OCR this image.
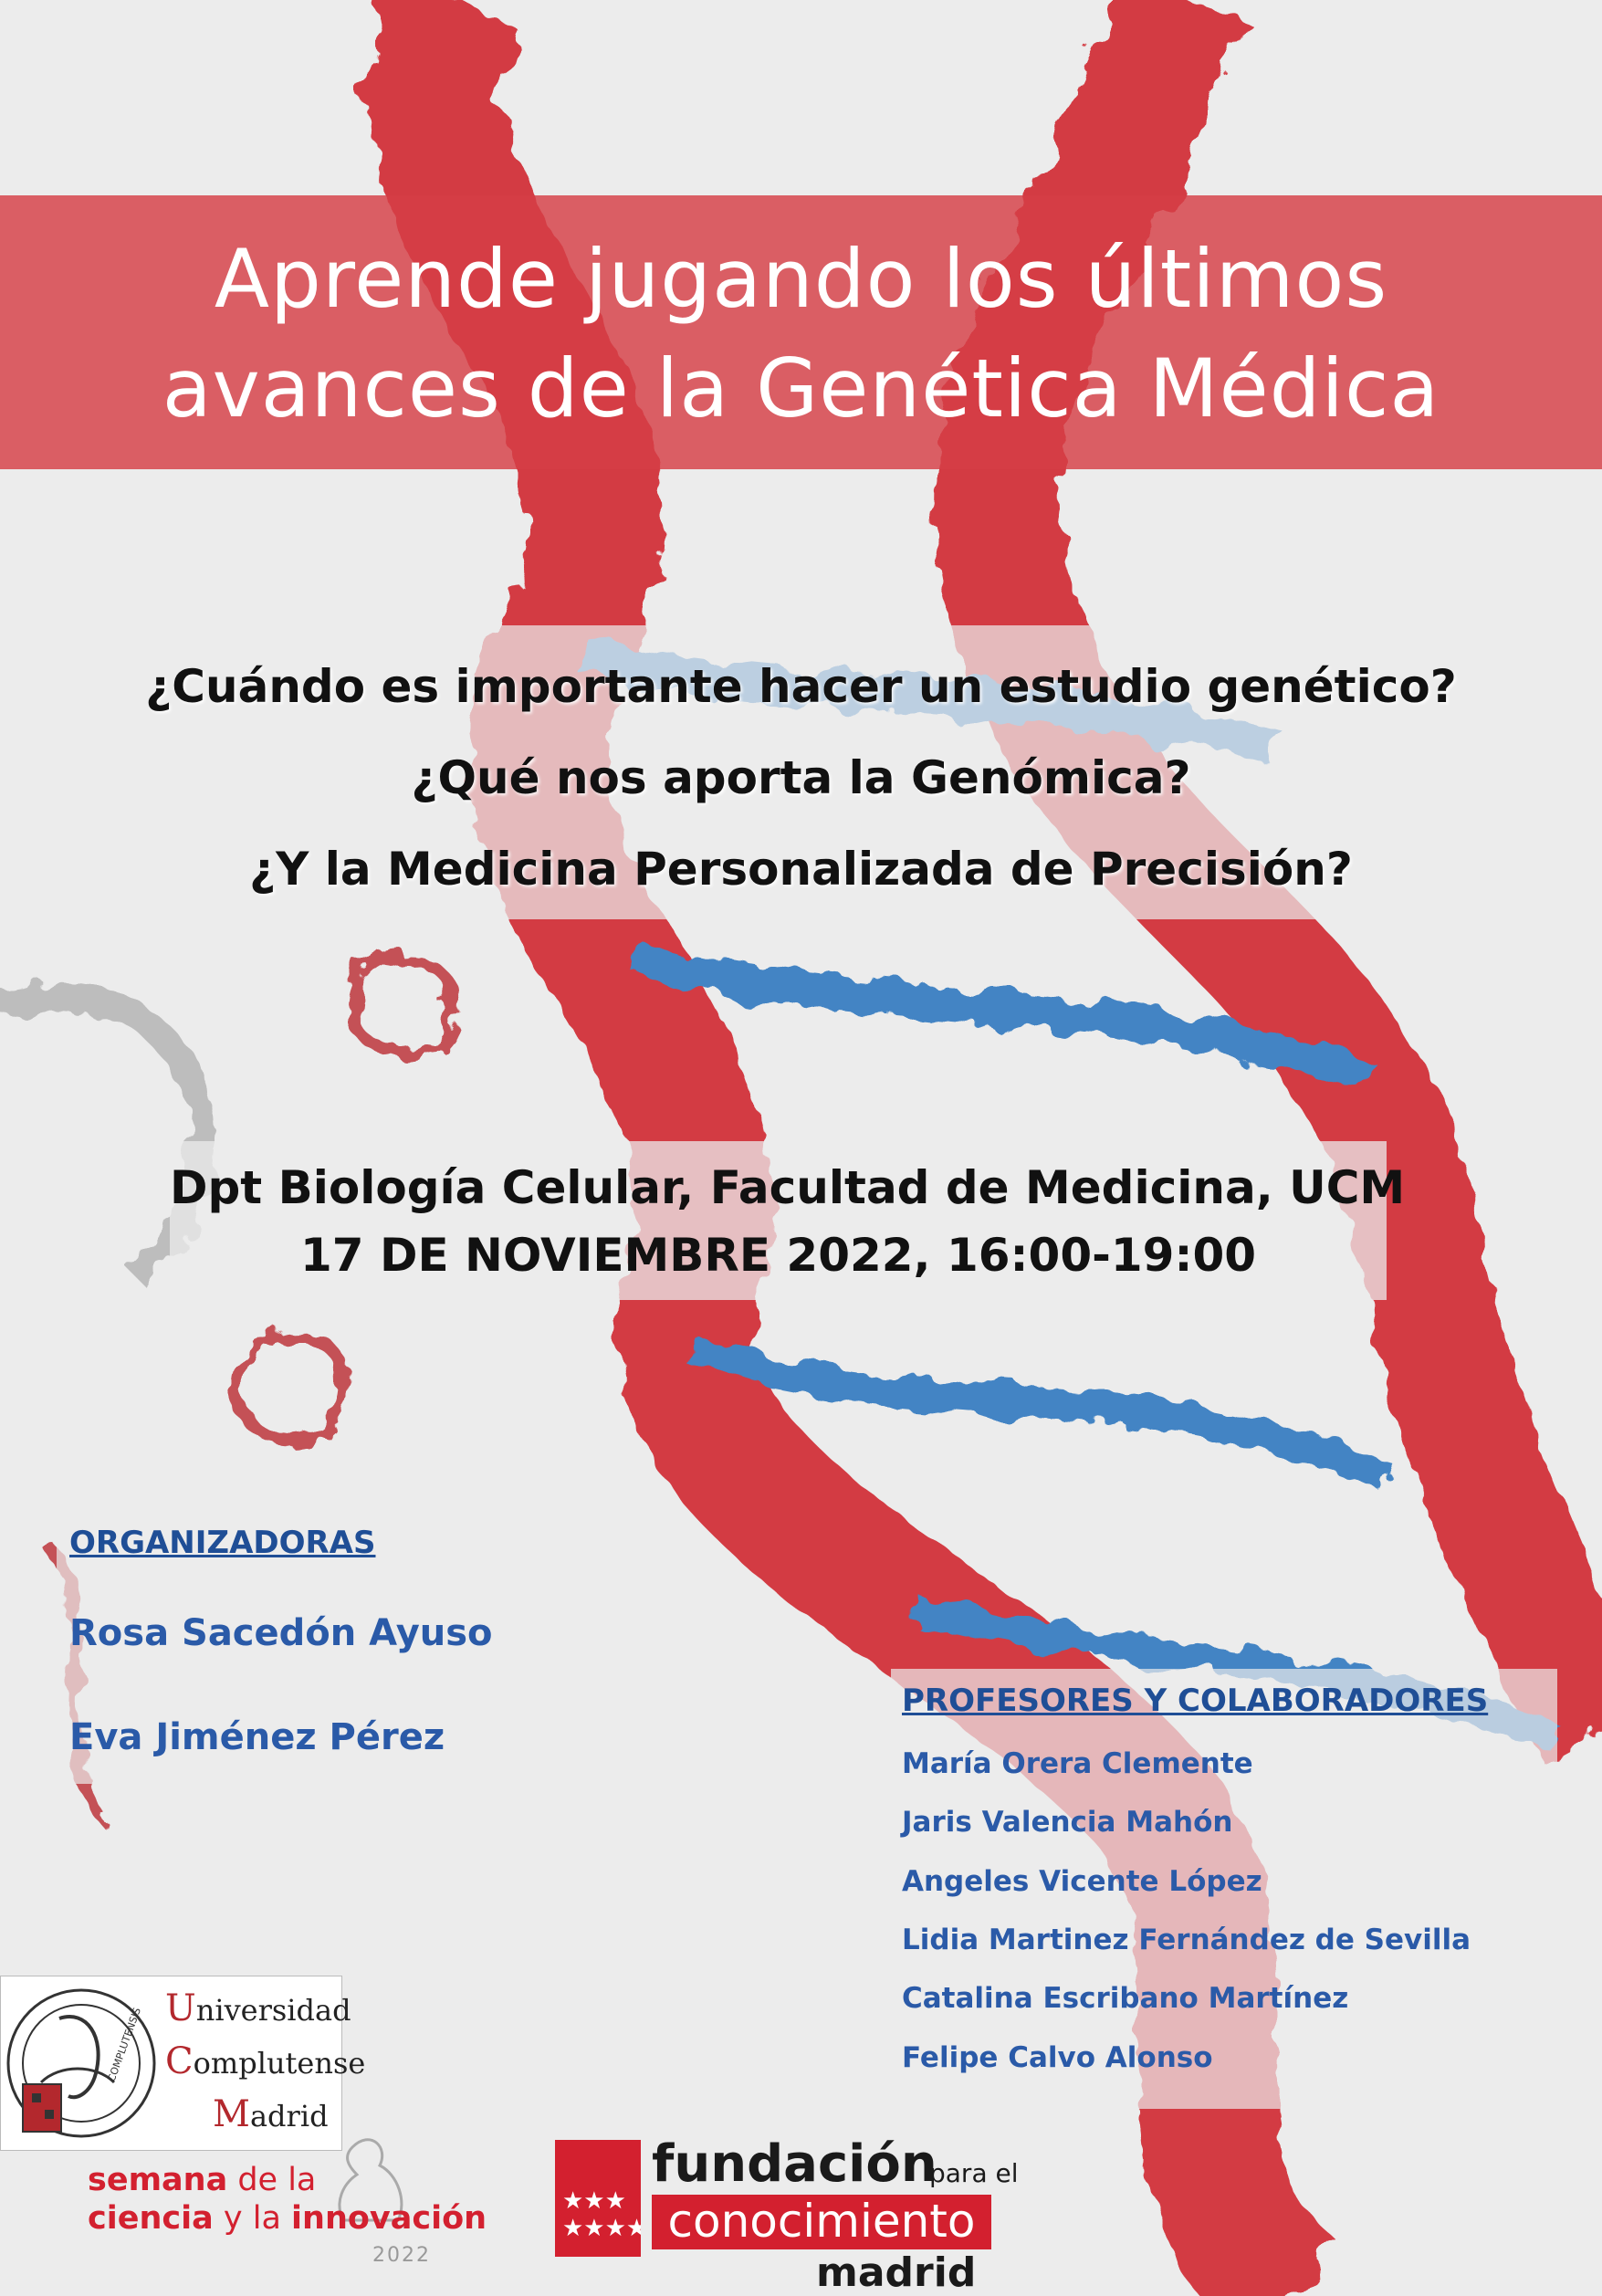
Aprende jugando los últimos
avances de la Genética Médica
¿Cuándo es importante hacer un estudio genético?
¿Qué nos aporta la Genómica?
¿Y la Medicina Personalizada de Precisión?
Dpt Biología Celular, Facultad de Medicina, UCM
17 DE NOVIEMBRE 2022, 16:00-19:00
ORGANIZADORAS
Rosa Sacedón Ayuso
Eva Jiménez Pérez
PROFESORES Y COLABORADORES
María Orera Clemente
Jaris Valencia Mahón
Angeles Vicente López
Lidia Martinez Fernández de Sevilla
Catalina Escribano Martínez
Felipe Calvo Alonso
COMPLUTENSIS Universidad
Complutense
Madrid
semana de la
ciencia y la innovación
2022
★★★
★★★★
fundación
para el
conocimiento
madrid
